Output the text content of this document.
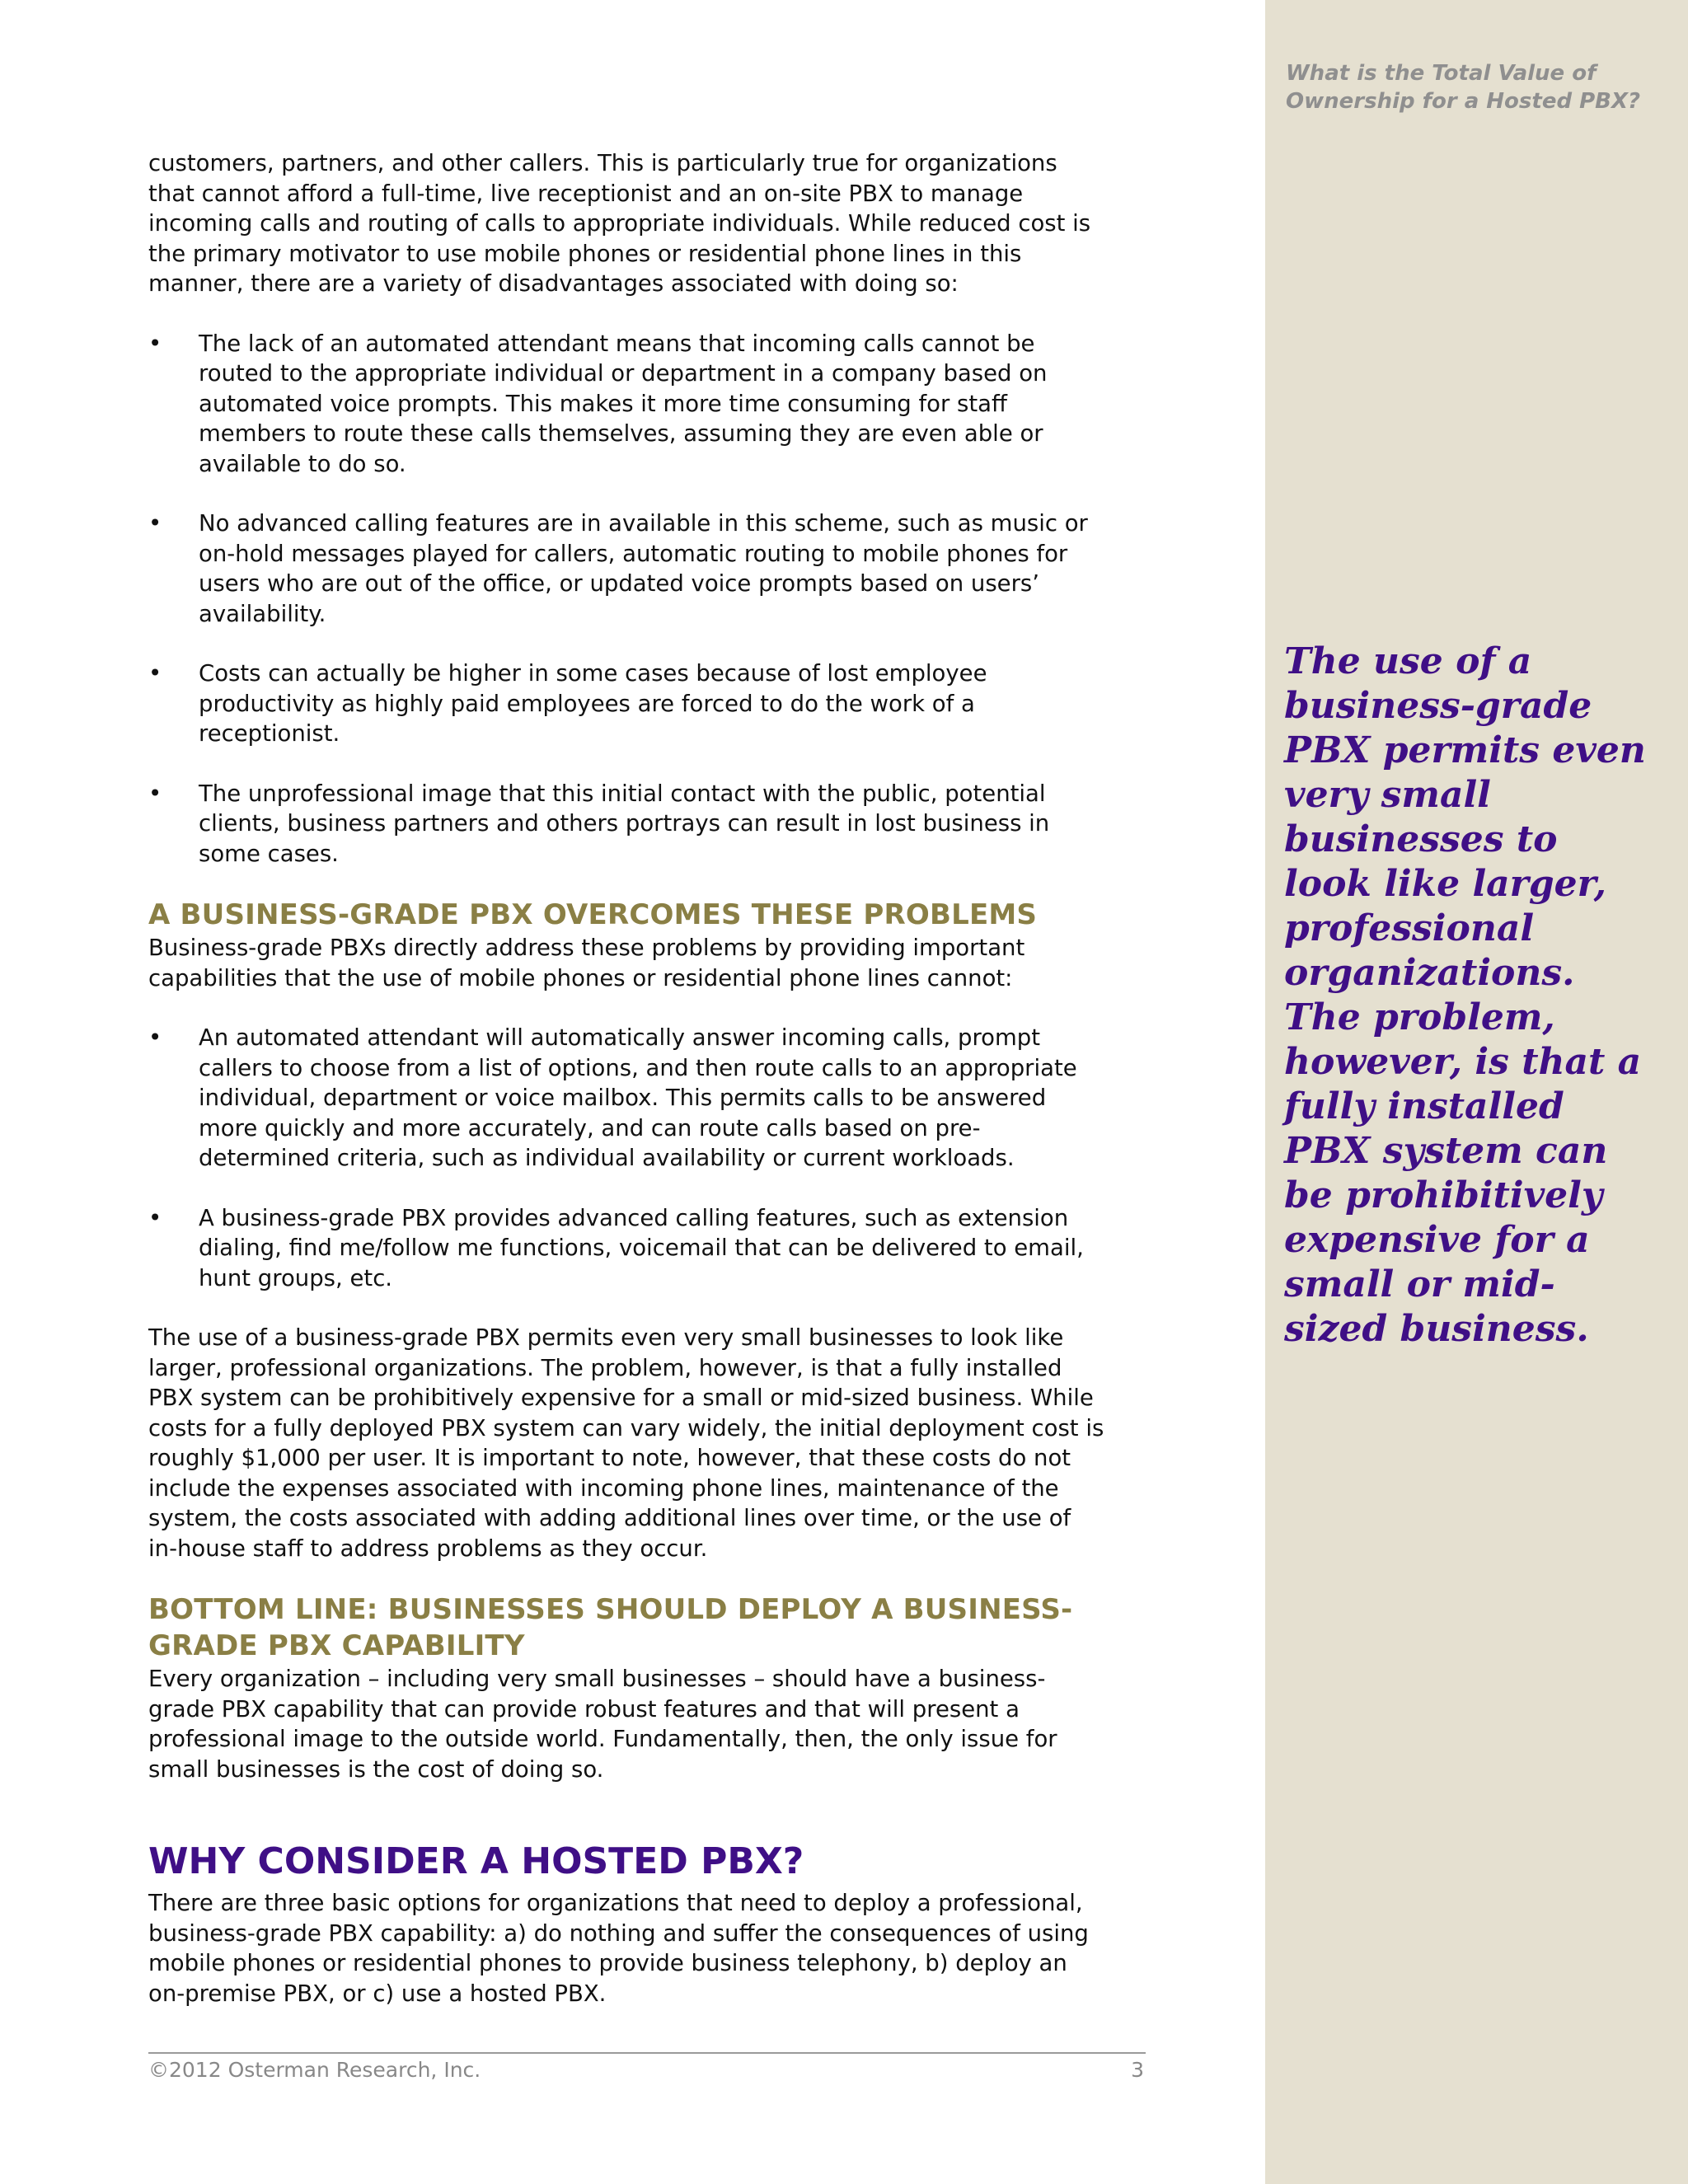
What is the Total Value of Ownership for a Hosted PBX?
The use of a business-grade PBX permits even very small businesses to look like larger, professional organizations. The problem, however, is that a fully installed PBX system can be prohibitively expensive for a small or mid-sized business.

customers, partners, and other callers. This is particularly true for organizations that cannot afford a full-time, live receptionist and an on-site PBX to manage incoming calls and routing of calls to appropriate individuals. While reduced cost is the primary motivator to use mobile phones or residential phone lines in this manner, there are a variety of disadvantages associated with doing so:

• The lack of an automated attendant means that incoming calls cannot be routed to the appropriate individual or department in a company based on automated voice prompts. This makes it more time consuming for staff members to route these calls themselves, assuming they are even able or available to do so.
• No advanced calling features are in available in this scheme, such as music or on-hold messages played for callers, automatic routing to mobile phones for users who are out of the office, or updated voice prompts based on users’ availability.
• Costs can actually be higher in some cases because of lost employee productivity as highly paid employees are forced to do the work of a receptionist.
• The unprofessional image that this initial contact with the public, potential clients, business partners and others portrays can result in lost business in some cases.
A BUSINESS-GRADE PBX OVERCOMES THESE PROBLEMS

Business-grade PBXs directly address these problems by providing important capabilities that the use of mobile phones or residential phone lines cannot:

• An automated attendant will automatically answer incoming calls, prompt callers to choose from a list of options, and then route calls to an appropriate individual, department or voice mailbox. This permits calls to be answered more quickly and more accurately, and can route calls based on pre-determined criteria, such as individual availability or current workloads.
• A business-grade PBX provides advanced calling features, such as extension dialing, find me/follow me functions, voicemail that can be delivered to email, hunt groups, etc.

The use of a business-grade PBX permits even very small businesses to look like larger, professional organizations. The problem, however, is that a fully installed PBX system can be prohibitively expensive for a small or mid-sized business. While costs for a fully deployed PBX system can vary widely, the initial deployment cost is roughly $1,000 per user. It is important to note, however, that these costs do not include the expenses associated with incoming phone lines, maintenance of the system, the costs associated with adding additional lines over time, or the use of in-house staff to address problems as they occur.

BOTTOM LINE: BUSINESSES SHOULD DEPLOY A BUSINESS-
GRADE PBX CAPABILITY

Every organization – including very small businesses – should have a business-grade PBX capability that can provide robust features and that will present a professional image to the outside world. Fundamentally, then, the only issue for small businesses is the cost of doing so.

WHY CONSIDER A HOSTED PBX?

There are three basic options for organizations that need to deploy a professional, business-grade PBX capability: a) do nothing and suffer the consequences of using mobile phones or residential phones to provide business telephony, b) deploy an on-premise PBX, or c) use a hosted PBX.

©2012 Osterman Research, Inc.	3
